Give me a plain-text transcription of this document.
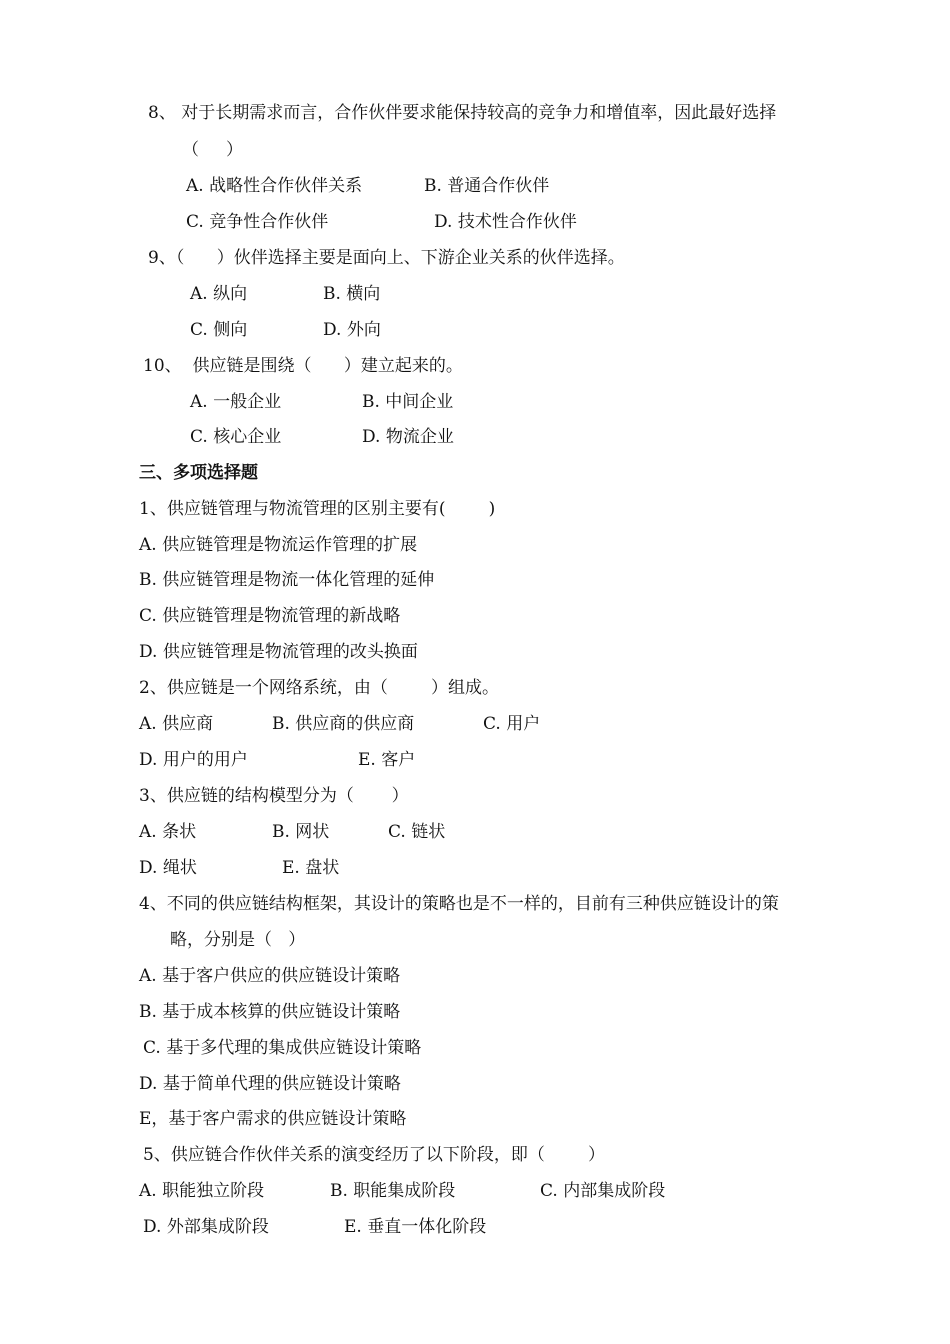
8、 对于长期需求而言，合作伙伴要求能保持较高的竞争力和增值率，因此最好选择
（     ）
A. 战略性合作伙伴关系	B. 普通合作伙伴
C. 竞争性合作伙伴	D. 技术性合作伙伴
9、（      ）伙伴选择主要是面向上、下游企业关系的伙伴选择。
A. 纵向	B. 横向
C. 侧向	D. 外向
10、  供应链是围绕（      ）建立起来的。
A. 一般企业	B. 中间企业
C. 核心企业	D. 物流企业
三、多项选择题
1、供应链管理与物流管理的区别主要有(        )
A. 供应链管理是物流运作管理的扩展
B. 供应链管理是物流一体化管理的延伸
C. 供应链管理是物流管理的新战略
D. 供应链管理是物流管理的改头换面
2、供应链是一个网络系统，由（        ）组成。
A. 供应商	B. 供应商的供应商	C. 用户
D. 用户的用户	E. 客户
3、供应链的结构模型分为（       ）
A. 条状	B. 网状	C. 链状
D. 绳状	E. 盘状
4、不同的供应链结构框架，其设计的策略也是不一样的，目前有三种供应链设计的策
略，分别是（   ）
A. 基于客户供应的供应链设计策略
B. 基于成本核算的供应链设计策略
C. 基于多代理的集成供应链设计策略
D. 基于简单代理的供应链设计策略
E，基于客户需求的供应链设计策略
5、供应链合作伙伴关系的演变经历了以下阶段，即（        ）
A. 职能独立阶段	B. 职能集成阶段	C. 内部集成阶段
D. 外部集成阶段	E. 垂直一体化阶段
